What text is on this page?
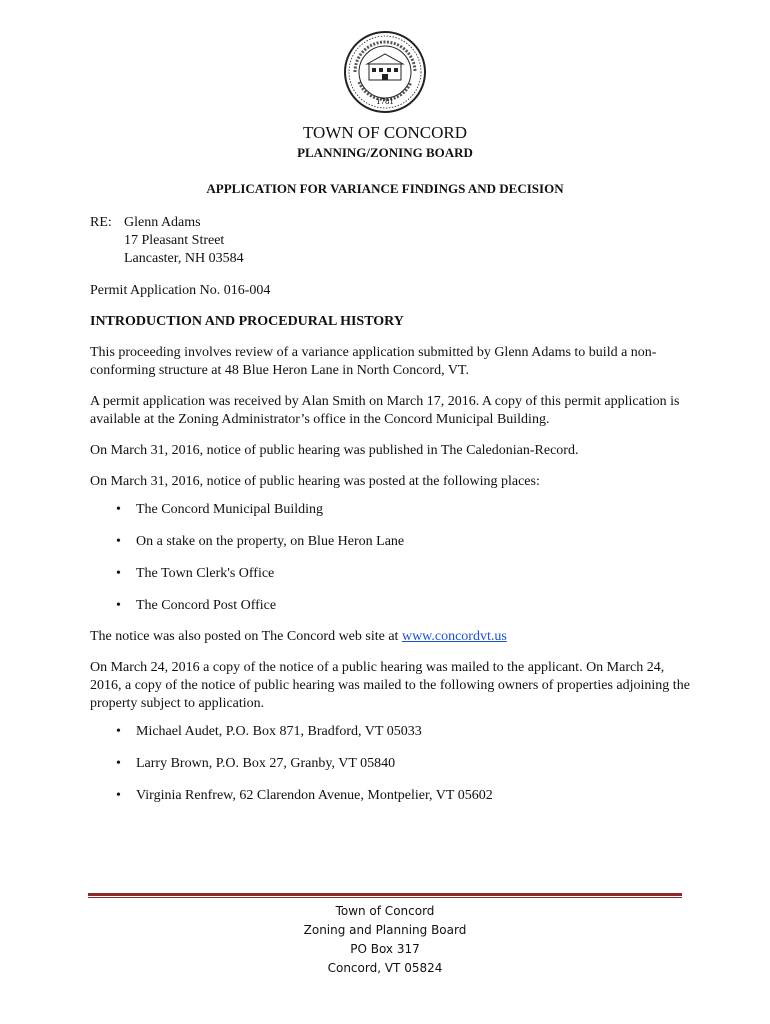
1781
TOWN OF CONCORD
PLANNING/ZONING BOARD
APPLICATION FOR VARIANCE FINDINGS AND DECISION
RE: Glenn Adams
17 Pleasant Street
Lancaster, NH 03584
Permit Application No. 016-004
INTRODUCTION AND PROCEDURAL HISTORY

This proceeding involves review of a variance application submitted by Glenn Adams to build a non-conforming structure at 48 Blue Heron Lane in North Concord, VT.

A permit application was received by Alan Smith on March 17, 2016. A copy of this permit application is available at the Zoning Administrator’s office in the Concord Municipal Building.

On March 31, 2016, notice of public hearing was published in The Caledonian-Record.

On March 31, 2016, notice of public hearing was posted at the following places:

• The Concord Municipal Building
• On a stake on the property, on Blue Heron Lane
• The Town Clerk's Office
• The Concord Post Office

The notice was also posted on The Concord web site at www.concordvt.us

On March 24, 2016 a copy of the notice of a public hearing was mailed to the applicant. On March 24, 2016, a copy of the notice of public hearing was mailed to the following owners of properties adjoining the property subject to application.

• Michael Audet, P.O. Box 871, Bradford, VT 05033
• Larry Brown, P.O. Box 27, Granby, VT 05840
• Virginia Renfrew, 62 Clarendon Avenue, Montpelier, VT 05602
Town of Concord
Zoning and Planning Board
PO Box 317
Concord, VT 05824
